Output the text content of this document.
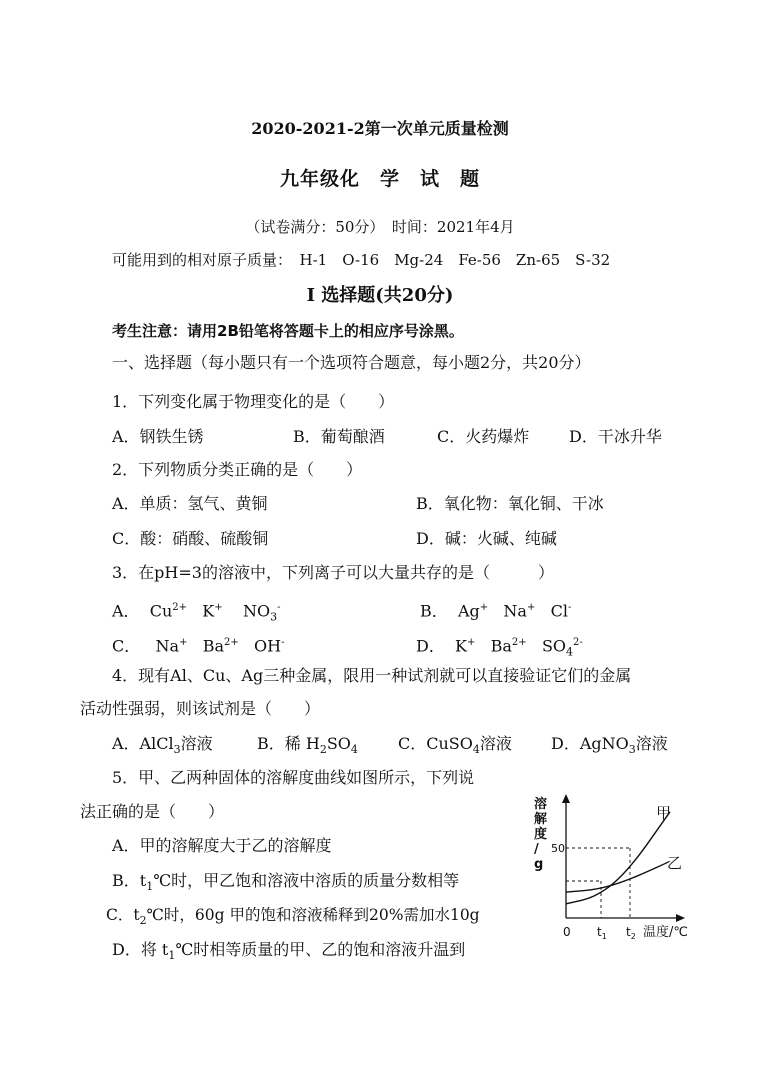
2020-2021-2第一次单元质量检测
九年级化　学　试　题
（试卷满分：50分）　时间：2021年4月
可能用到的相对原子质量：　H-1　O-16　Mg-24　Fe-56　Zn-65　S-32
I 选择题(共20分)
考生注意：请用2B铅笔将答题卡上的相应序号涂黑。
一、选择题（每小题只有一个选项符合题意，每小题2分，共20分）
1．下列变化属于物理变化的是（　　）
A．钢铁生锈	B．葡萄酿酒	C．火药爆炸 D．干冰升华
2．下列物质分类正确的是（　　）
A．单质：氢气、黄铜	B．氧化物：氧化铜、干冰
C．酸：硝酸、硫酸铜	D．碱：火碱、纯碱
3．在pH=3的溶液中，下列离子可以大量共存的是（　　　）
A． $Cu^{2+}$ K+ $NO_3^-$	B． Ag+ Na+ Cl-
C． Na+ $Ba^{2+}$ OH-	D． K+ $Ba^{2+}$ $SO_4^{2-}$
4．现有Al、Cu、Ag三种金属，限用一种试剂就可以直接验证它们的金属
活动性强弱，则该试剂是（　　）
A．AlCl$_3$溶液	B．稀 $H_2SO_4$	C．CuSO$_4$溶液 D．AgNO$_3$溶液
5．甲、乙两种固体的溶解度曲线如图所示，下列说
法正确的是（　　）
A．甲的溶解度大于乙的溶解度
B．$t_1℃$时，甲乙饱和溶液中溶质的质量分数相等
C．$t_2℃$时，60g 甲的饱和溶液稀释到20%需加水10g
D．将 $t_1℃$时相等质量的甲、乙的饱和溶液升温到
溶
解
度
/
g
温度/℃
0
50
$t_1$ $t_2$
甲
乙
